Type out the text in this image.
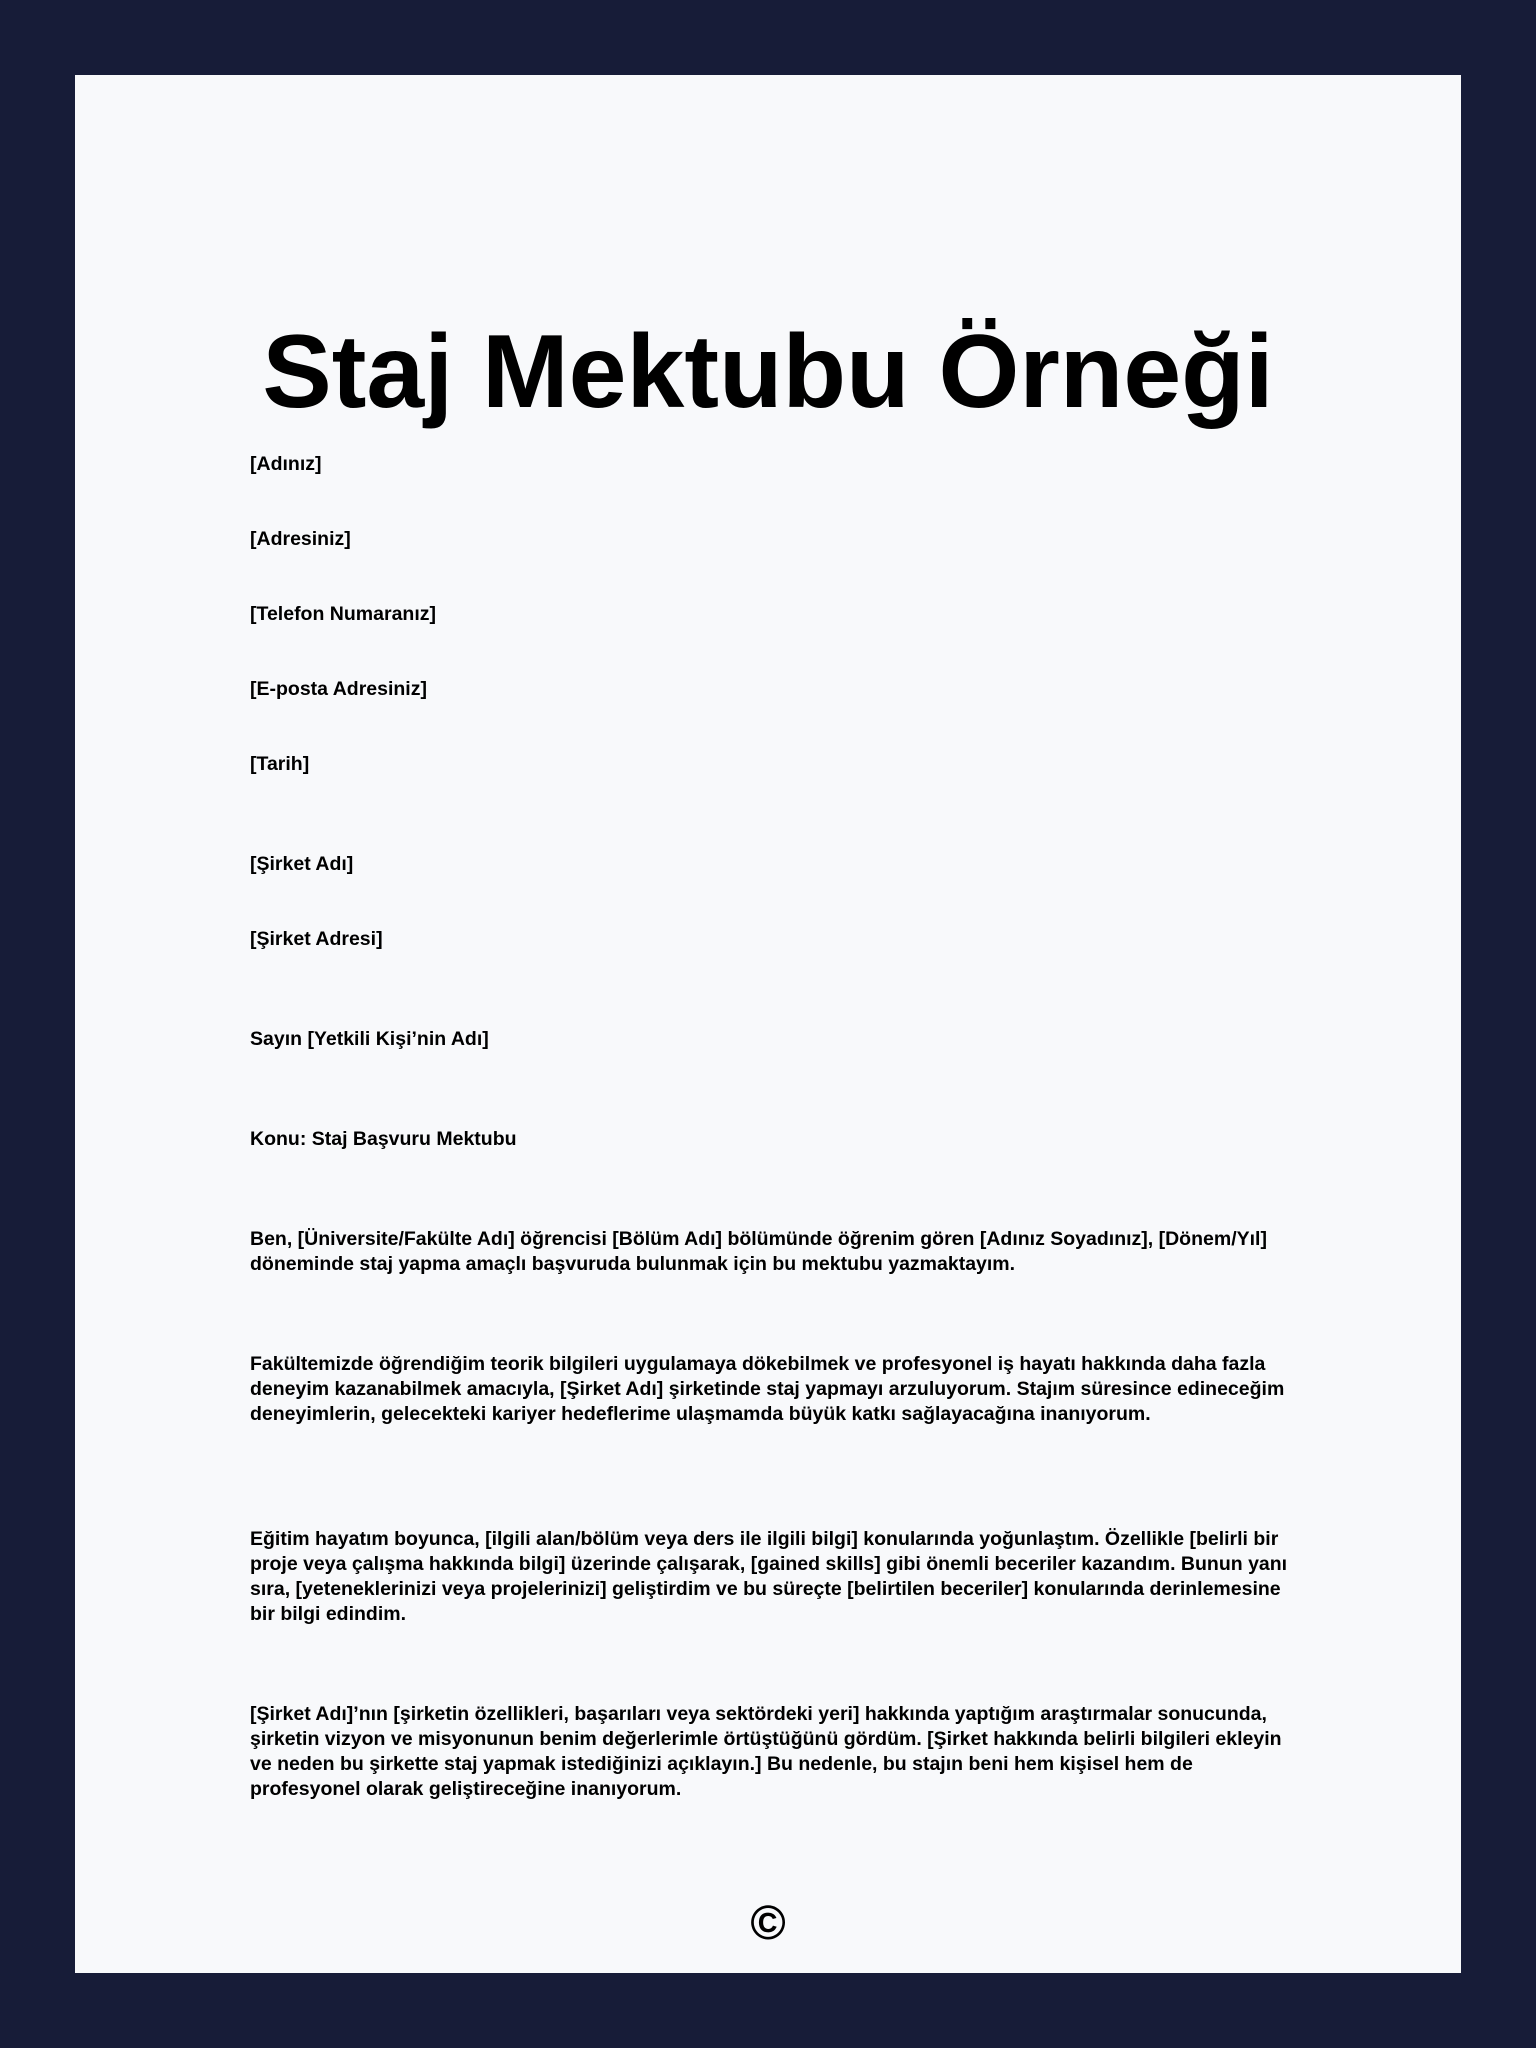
Staj Mektubu Örneği

[Adınız]

[Adresiniz]

[Telefon Numaranız]

[E-posta Adresiniz]

[Tarih]

[Şirket Adı]

[Şirket Adresi]

Sayın [Yetkili Kişi’nin Adı]

Konu: Staj Başvuru Mektubu

Ben, [Üniversite/Fakülte Adı] öğrencisi [Bölüm Adı] bölümünde öğrenim gören [Adınız Soyadınız], [Dönem/Yıl] döneminde staj yapma amaçlı başvuruda bulunmak için bu mektubu yazmaktayım.

Fakültemizde öğrendiğim teorik bilgileri uygulamaya dökebilmek ve profesyonel iş hayatı hakkında daha fazla deneyim kazanabilmek amacıyla, [Şirket Adı] şirketinde staj yapmayı arzuluyorum. Stajım süresince edineceğim deneyimlerin, gelecekteki kariyer hedeflerime ulaşmamda büyük katkı sağlayacağına inanıyorum.

Eğitim hayatım boyunca, [ilgili alan/bölüm veya ders ile ilgili bilgi] konularında yoğunlaştım. Özellikle [belirli bir proje veya çalışma hakkında bilgi] üzerinde çalışarak, [gained skills] gibi önemli beceriler kazandım. Bunun yanı sıra, [yeteneklerinizi veya projelerinizi] geliştirdim ve bu süreçte [belirtilen beceriler] konularında derinlemesine bir bilgi edindim.

[Şirket Adı]’nın [şirketin özellikleri, başarıları veya sektördeki yeri] hakkında yaptığım araştırmalar sonucunda, şirketin vizyon ve misyonunun benim değerlerimle örtüştüğünü gördüm. [Şirket hakkında belirli bilgileri ekleyin ve neden bu şirkette staj yapmak istediğinizi açıklayın.] Bu nedenle, bu stajın beni hem kişisel hem de profesyonel olarak geliştireceğine inanıyorum.

©
